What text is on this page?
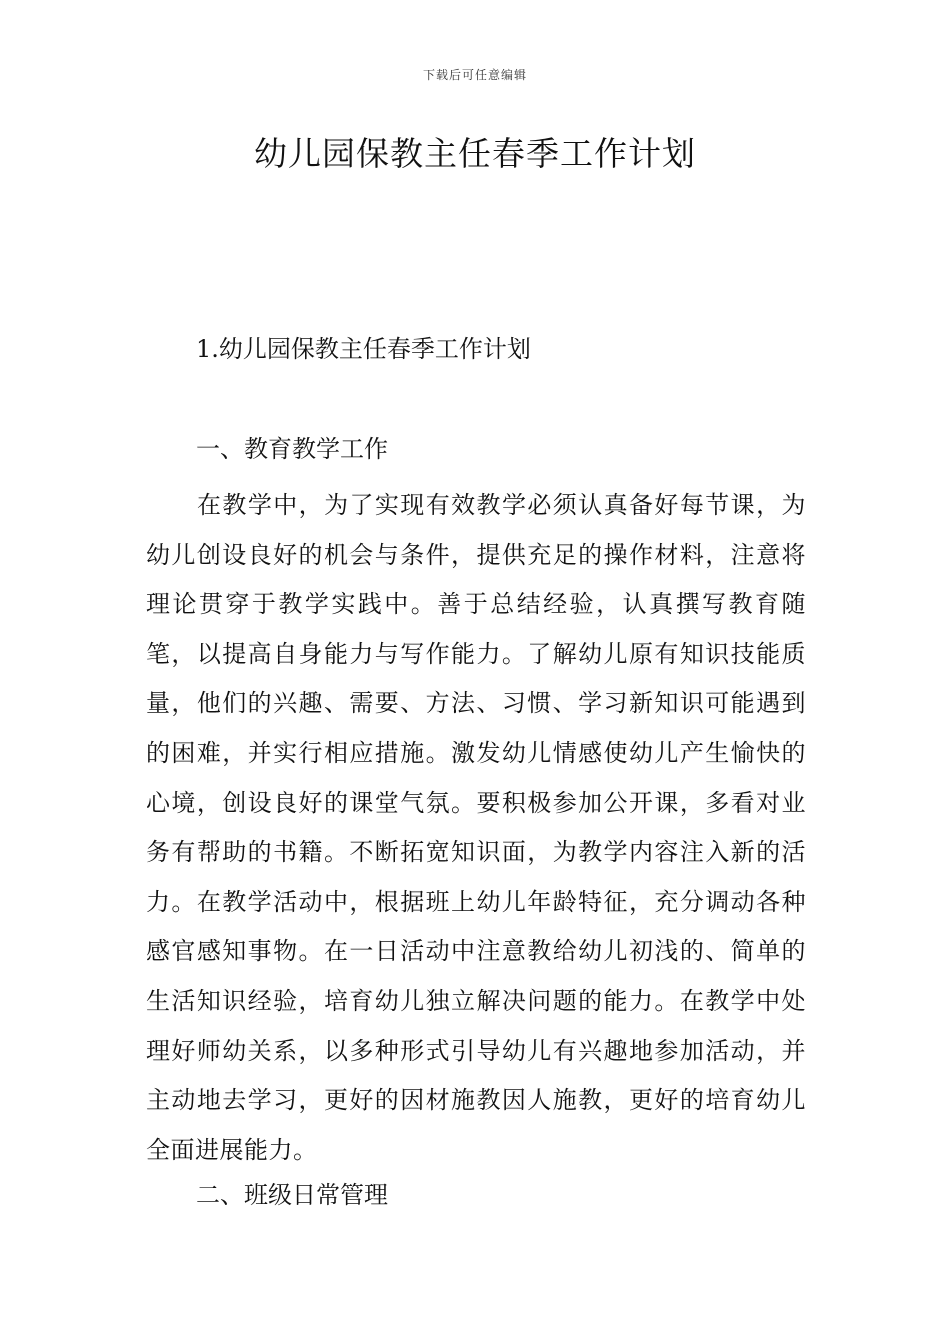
下载后可任意编辑
幼儿园保教主任春季工作计划
1.幼儿园保教主任春季工作计划
一、教育教学工作

在教学中，为了实现有效教学必须认真备好每节课，为幼儿创设良好的机会与条件，提供充足的操作材料，注意将理论贯穿于教学实践中。善于总结经验，认真撰写教育随笔，以提高自身能力与写作能力。了解幼儿原有知识技能质量，他们的兴趣、需要、方法、习惯、学习新知识可能遇到的困难，并实行相应措施。激发幼儿情感使幼儿产生愉快的心境，创设良好的课堂气氛。要积极参加公开课，多看对业务有帮助的书籍。不断拓宽知识面，为教学内容注入新的活力。在教学活动中，根据班上幼儿年龄特征，充分调动各种感官感知事物。在一日活动中注意教给幼儿初浅的、简单的生活知识经验，培育幼儿独立解决问题的能力。在教学中处理好师幼关系，以多种形式引导幼儿有兴趣地参加活动，并主动地去学习，更好的因材施教因人施教，更好的培育幼儿全面进展能力。

二、班级日常管理
